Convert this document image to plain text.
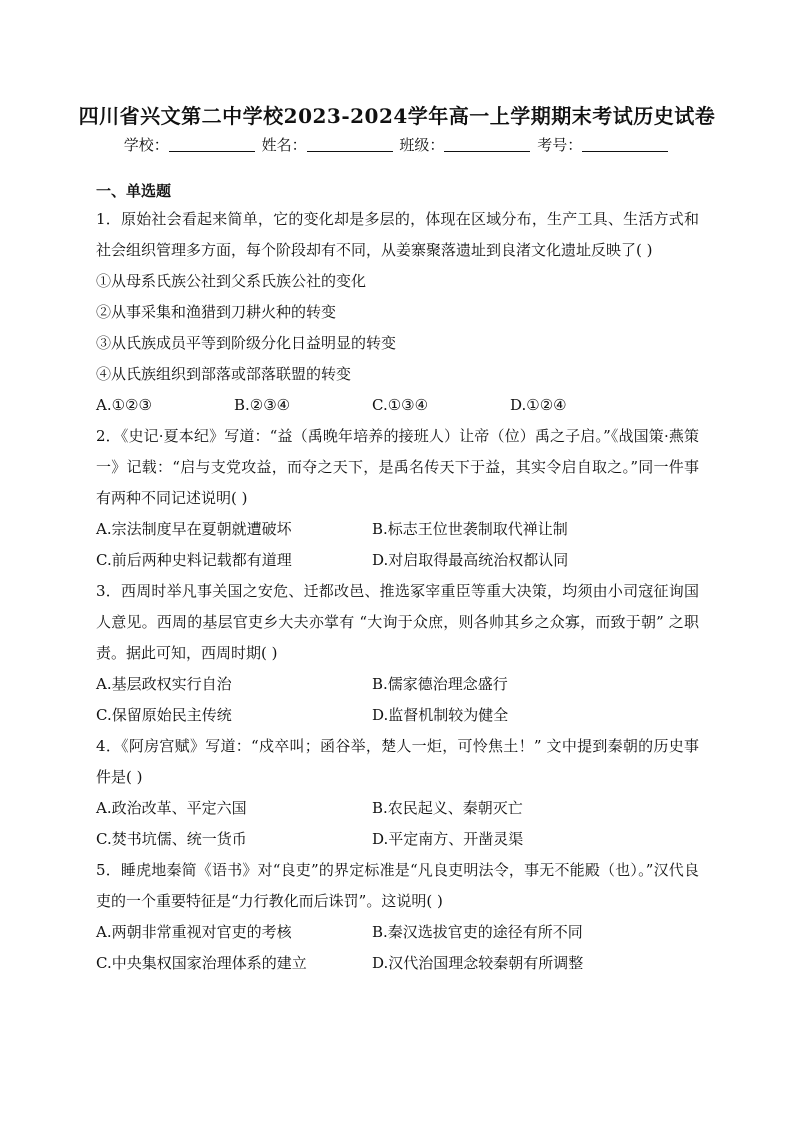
四川省兴文第二中学校2023-2024学年高一上学期期末考试历史试卷
学校：	姓名：	班级：	考号：
一、单选题
1．原始社会看起来简单，它的变化却是多层的，体现在区域分布，生产工具、生活方式和社会组织管理多方面，每个阶段却有不同，从姜寨聚落遗址到良渚文化遗址反映了( )
①从母系氏族公社到父系氏族公社的变化
②从事采集和渔猎到刀耕火种的转变
③从氏族成员平等到阶级分化日益明显的转变
④从氏族组织到部落或部落联盟的转变
A.①②③	B.②③④	C.①③④	D.①②④
2．《史记·夏本纪》写道：“益（禹晚年培养的接班人）让帝（位）禹之子启。”《战国策·燕策一》记载：“启与支党攻益，而夺之天下，是禹名传天下于益，其实令启自取之。”同一件事有两种不同记述说明( )
A.宗法制度早在夏朝就遭破坏	B.标志王位世袭制取代禅让制
C.前后两种史料记载都有道理	D.对启取得最高统治权都认同
3．西周时举凡事关国之安危、迁都改邑、推选冢宰重臣等重大决策，均须由小司寇征询国人意见。西周的基层官吏乡大夫亦掌有 “大询于众庶，则各帅其乡之众寡，而致于朝” 之职责。据此可知，西周时期( )
A.基层政权实行自治	B.儒家德治理念盛行
C.保留原始民主传统	D.监督机制较为健全
4．《阿房宫赋》写道：“戍卒叫；函谷举，楚人一炬，可怜焦土！” 文中提到秦朝的历史事件是( )
A.政治改革、平定六国	B.农民起义、秦朝灭亡
C.焚书坑儒、统一货币	D.平定南方、开凿灵渠
5．睡虎地秦简《语书》对“良吏”的界定标准是“凡良吏明法令，事无不能殿（也）。”汉代良吏的一个重要特征是“力行教化而后诛罚”。这说明( )
A.两朝非常重视对官吏的考核	B.秦汉选拔官吏的途径有所不同
C.中央集权国家治理体系的建立	D.汉代治国理念较秦朝有所调整
